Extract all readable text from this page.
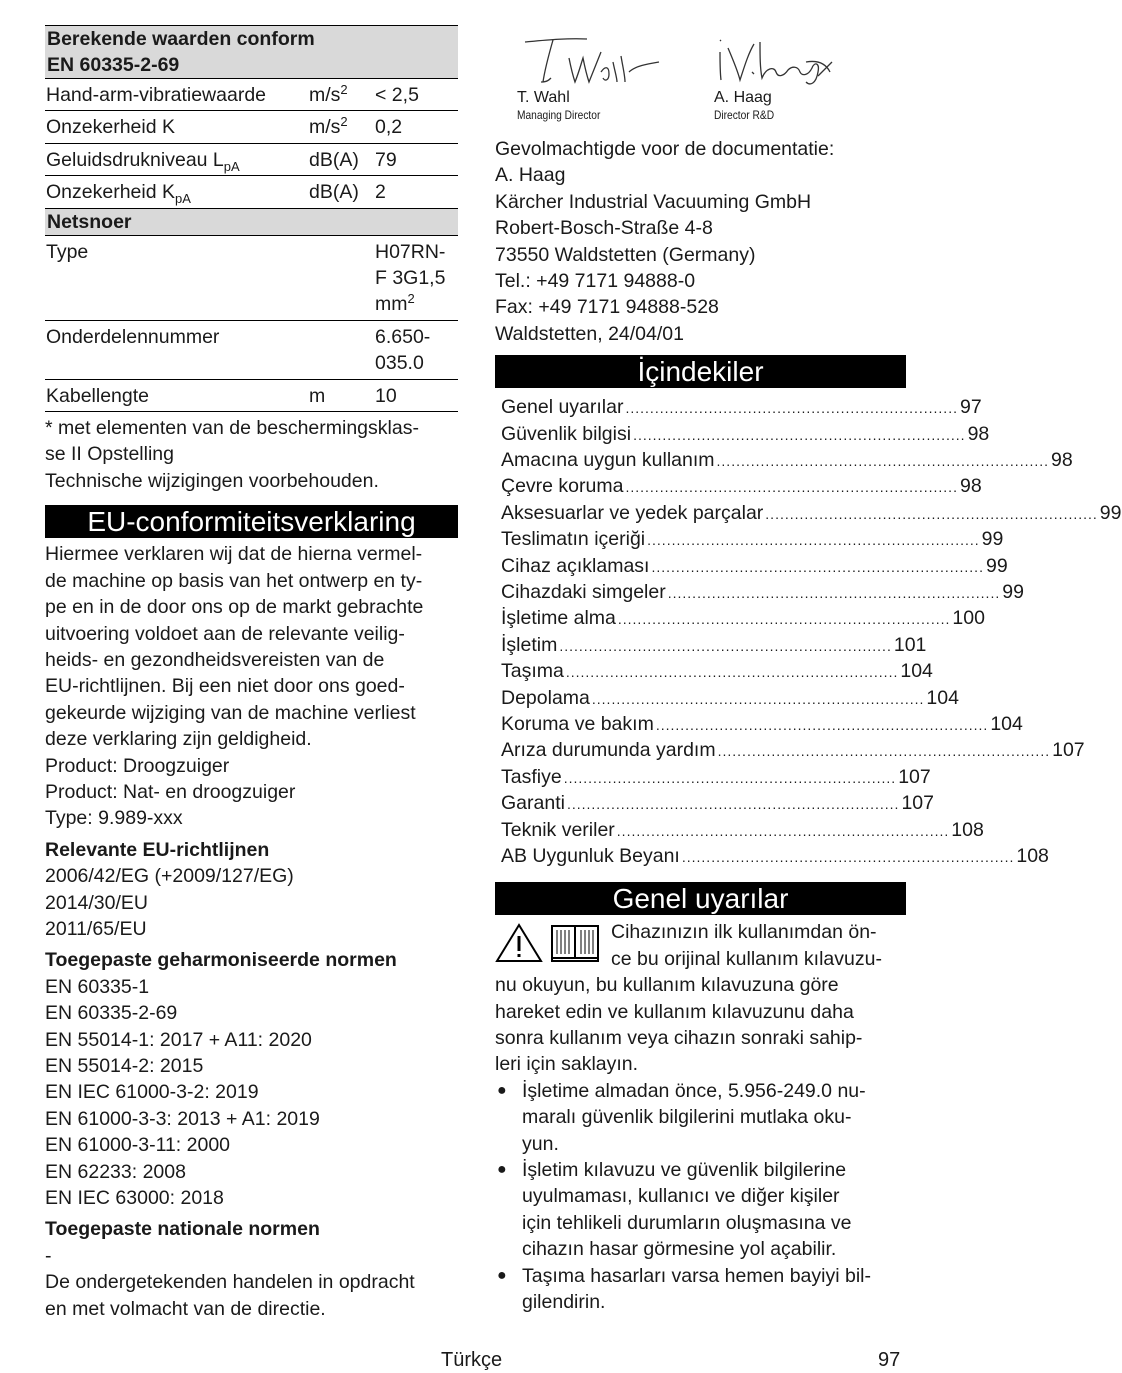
Berekende waarden conform
EN 60335-2-69
Hand-arm-vibratiewaarde	$m/s^2$	< 2,5
Onzekerheid K	$m/s^2$	0,2
Geluidsdrukniveau $L_{pA}$	dB(A) 79
Onzekerheid $K_{pA}$	dB(A) 2
Netsnoer
Type	H07RN-
F 3G1,5
$mm^2$
Onderdelennummer	6.650-
035.0
Kabellengte	m	10
* met elementen van de beschermingsklas-
se II Opstelling
Technische wijzigingen voorbehouden.
EU-conformiteitsverklaring
Hiermee verklaren wij dat de hierna vermel-
de machine op basis van het ontwerp en ty-
pe en in de door ons op de markt gebrachte
uitvoering voldoet aan de relevante veilig-
heids- en gezondheidsvereisten van de
EU-richtlijnen. Bij een niet door ons goed-
gekeurde wijziging van de machine verliest
deze verklaring zijn geldigheid.
Product: Droogzuiger
Product: Nat- en droogzuiger
Type: 9.989-xxx
Relevante EU-richtlijnen
2006/42/EG (+2009/127/EG)
2014/30/EU
2011/65/EU
Toegepaste geharmoniseerde normen
EN 60335-1
EN 60335-2-69
EN 55014-1: 2017 + A11: 2020
EN 55014-2: 2015
EN IEC 61000-3-2: 2019
EN 61000-3-3: 2013 + A1: 2019
EN 61000-3-11: 2000
EN 62233: 2008
EN IEC 63000: 2018
Toegepaste nationale normen
-
De ondergetekenden handelen in opdracht
en met volmacht van de directie.
T. Wahl
Managing Director
A. Haag
Director R&D
Gevolmachtigde voor de documentatie:
A. Haag
Kärcher Industrial Vacuuming GmbH
Robert-Bosch-Straße 4-8
73550 Waldstetten (Germany)
Tel.: +49 7171 94888-0
Fax: +49 7171 94888-528
Waldstetten, 24/04/01
İçindekiler
Genel uyarılar .................................................................... 97
Güvenlik bilgisi .................................................................... 98
Amacına uygun kullanım .................................................................... 98
Çevre koruma .................................................................... 98
Aksesuarlar ve yedek parçalar .................................................................... 99
Teslimatın içeriği .................................................................... 99
Cihaz açıklaması .................................................................... 99
Cihazdaki simgeler .................................................................... 99
İşletime alma .................................................................... 100
İşletim .................................................................... 101
Taşıma .................................................................... 104
Depolama .................................................................... 104
Koruma ve bakım .................................................................... 104
Arıza durumunda yardım .................................................................... 107
Tasfiye .................................................................... 107
Garanti .................................................................... 107
Teknik veriler .................................................................... 108
AB Uygunluk Beyanı .................................................................... 108
Genel uyarılar
Cihazınızın ilk kullanımdan ön-
ce bu orijinal kullanım kılavuzu-
nu okuyun, bu kullanım kılavuzuna göre
hareket edin ve kullanım kılavuzunu daha
sonra kullanım veya cihazın sonraki sahip-
leri için saklayın.
● İşletime almadan önce, 5.956-249.0 nu-
maralı güvenlik bilgilerini mutlaka oku-
yun.
● İşletim kılavuzu ve güvenlik bilgilerine
uyulmaması, kullanıcı ve diğer kişiler
için tehlikeli durumların oluşmasına ve
cihazın hasar görmesine yol açabilir.
● Taşıma hasarları varsa hemen bayiyi bil-
gilendirin.
Türkçe	97
